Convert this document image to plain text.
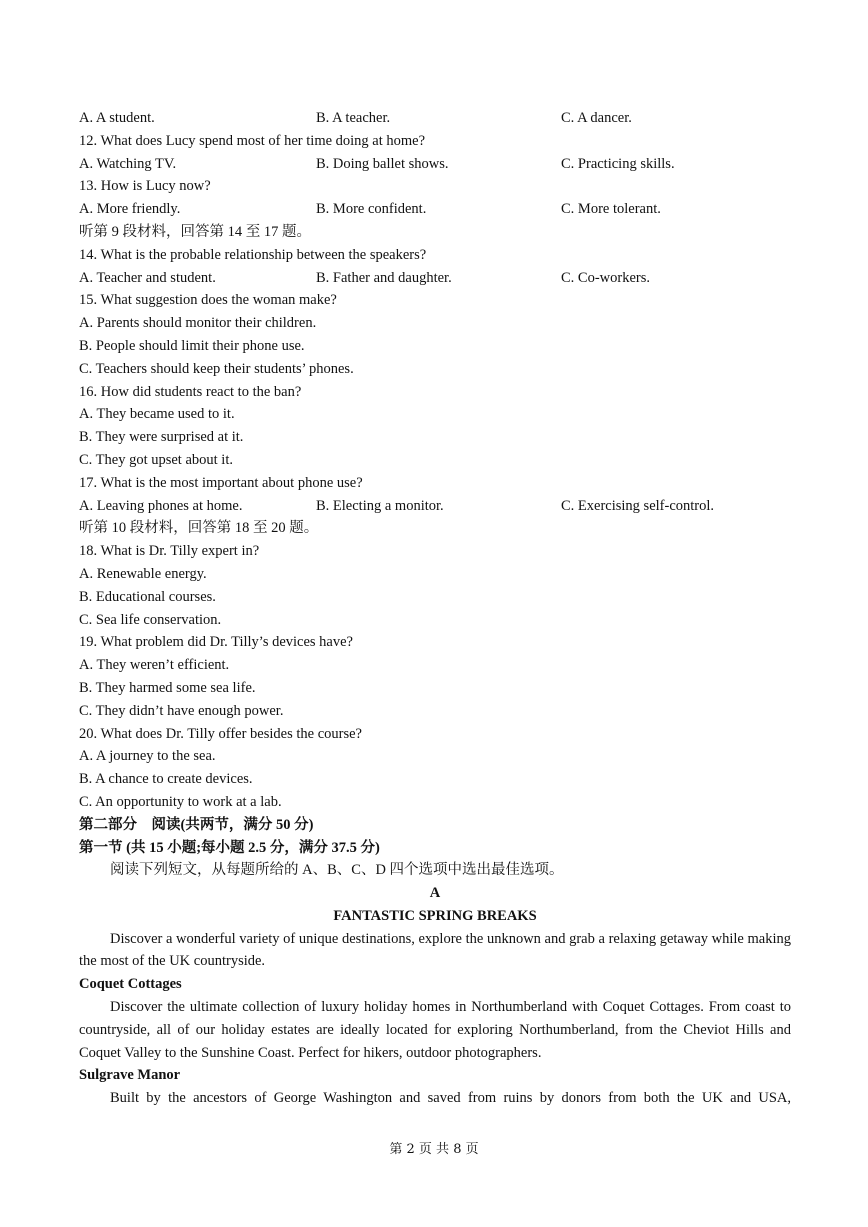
A. A student.	B. A teacher.	C. A dancer.
12. What does Lucy spend most of her time doing at home?
A. Watching TV.	B. Doing ballet shows.	C. Practicing skills.
13. How is Lucy now?
A. More friendly.	B. More confident.	C. More tolerant.
听第 9 段材料，回答第 14 至 17 题。
14. What is the probable relationship between the speakers?
A. Teacher and student.	B. Father and daughter.	C. Co-workers.
15. What suggestion does the woman make?
A. Parents should monitor their children.
B. People should limit their phone use.
C. Teachers should keep their students’ phones.
16. How did students react to the ban?
A. They became used to it.
B. They were surprised at it.
C. They got upset about it.
17. What is the most important about phone use?
A. Leaving phones at home.	B. Electing a monitor.	C. Exercising self-control.
听第 10 段材料，回答第 18 至 20 题。
18. What is Dr. Tilly expert in?
A. Renewable energy.
B. Educational courses.
C. Sea life conservation.
19. What problem did Dr. Tilly’s devices have?
A. They weren’t efficient.
B. They harmed some sea life.
C. They didn’t have enough power.
20. What does Dr. Tilly offer besides the course?
A. A journey to the sea.
B. A chance to create devices.
C. An opportunity to work at a lab.
第二部分　阅读(共两节，满分 50 分)
第一节 (共 15 小题;每小题 2.5 分，满分 37.5 分)
阅读下列短文，从每题所给的 A、B、C、D 四个选项中选出最佳选项。
A
FANTASTIC SPRING BREAKS
Discover a wonderful variety of unique destinations, explore the unknown and grab a relaxing getaway while making the most of the UK countryside.
Coquet Cottages
Discover the ultimate collection of luxury holiday homes in Northumberland with Coquet Cottages. From coast to countryside, all of our holiday estates are ideally located for exploring Northumberland, from the Cheviot Hills and Coquet Valley to the Sunshine Coast. Perfect for hikers, outdoor photographers.
Sulgrave Manor
Built by the ancestors of George Washington and saved from ruins by donors from both the UK and USA,
第 2 页 共 8 页
